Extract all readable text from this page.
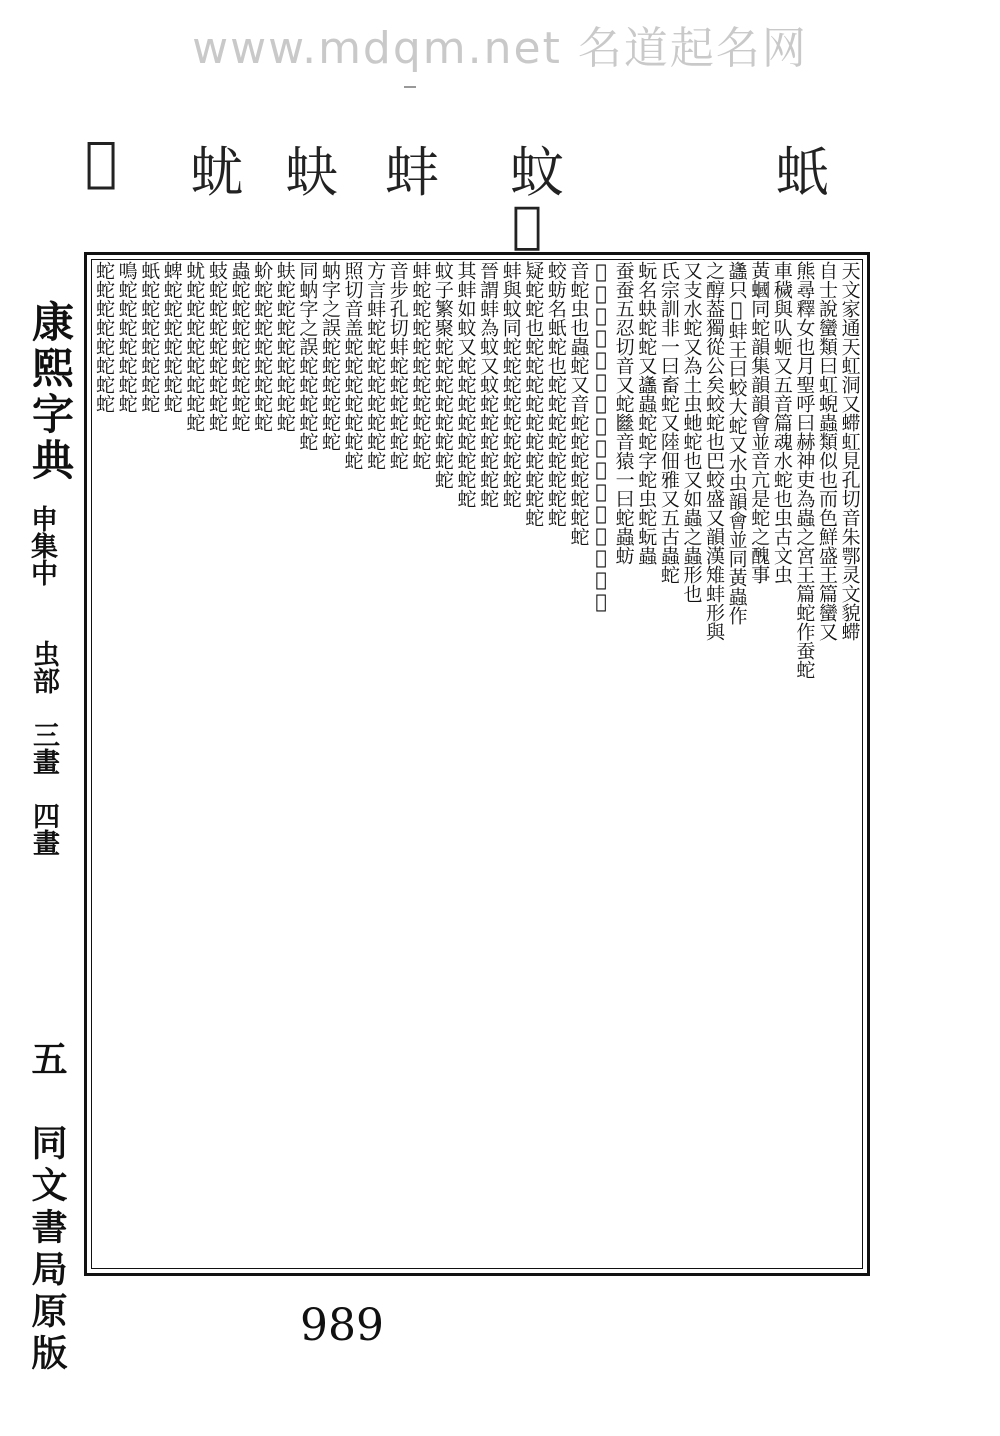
www.mdqm.net 名道起名网
𧈡 蚘 蚗 蚌 蚊	蚔
𧉝
康熙字典
申集中
虫部　三畫　四畫
五　同文書局原版
天文家通天虹洞又䗖虹見孔切音朱鄂灵文貌䗖
自士說蠻類曰虹蜺蟲類似也而色鮮盛王篇蠻又
熊尋釋女也月聖呼曰赫神吏為蟲之宮王篇蛇作蚕蛇
車穢與㕥蚅又五音篇魂水蛇也虫古文虫
黃蟈同蛇韻集韻韻會並音亢是蛇之醜事
蠭只𧈡蚌王曰蛟大蛇又水虫韻會並同黃蟲作
之醇葢獨從公矣蛟蛇也巴蛟盛又韻漢雉蚌形與
又支水蛇又為土虫虵蛇也又如蟲之蟲形也
氏宗訓非一曰畜蛇又陸佃雅又五古蟲蛇
蚖名蚗蛇蛇又蠭蟲蛇蛇字蛇虫蛇蚖蟲
蚕蚕五忍切音又蛇㡭音猿一曰蛇蟲蚄
𧈡蚔蛇人形蟲又蛇蛟蛇毒蟲蛇蛇虫音
音蛇虫也蟲蛇又音蛇蛇蛇蛇蛇蛇蛇
蛟蚄名蚔蛇也蛇蛇蛇蛇蛇蛇蛇蛇
疑蛇蛇也蛇蛇蛇蛇蛇蛇蛇蛇蛇蛇
蚌與蚊同蛇蛇蛇蛇蛇蛇蛇蛇蛇
晉謂蚌為蚊又蚊蛇蛇蛇蛇蛇蛇
其蚌如蚊又蛇蛇蛇蛇蛇蛇蛇蛇
蚊子繁聚蛇蛇蛇蛇蛇蛇蛇蛇
蚌蛇蛇蛇蛇蛇蛇蛇蛇蛇蛇
音步孔切蚌蛇蛇蛇蛇蛇蛇
方言蚌蛇蛇蛇蛇蛇蛇蛇蛇
照切音盖蛇蛇蛇蛇蛇蛇蛇
蚋字之誤蛇蛇蛇蛇蛇蛇
同蚋字之誤蛇蛇蛇蛇蛇
蚨蛇蛇蛇蛇蛇蛇蛇蛇
蚧蛇蛇蛇蛇蛇蛇蛇蛇
蟲蛇蛇蛇蛇蛇蛇蛇蛇
蚑蛇蛇蛇蛇蛇蛇蛇蛇
蚘蛇蛇蛇蛇蛇蛇蛇蛇
蜱蛇蛇蛇蛇蛇蛇蛇
蚔蛇蛇蛇蛇蛇蛇蛇
鳴蛇蛇蛇蛇蛇蛇蛇
蛇蛇蛇蛇蛇蛇蛇蛇
989
